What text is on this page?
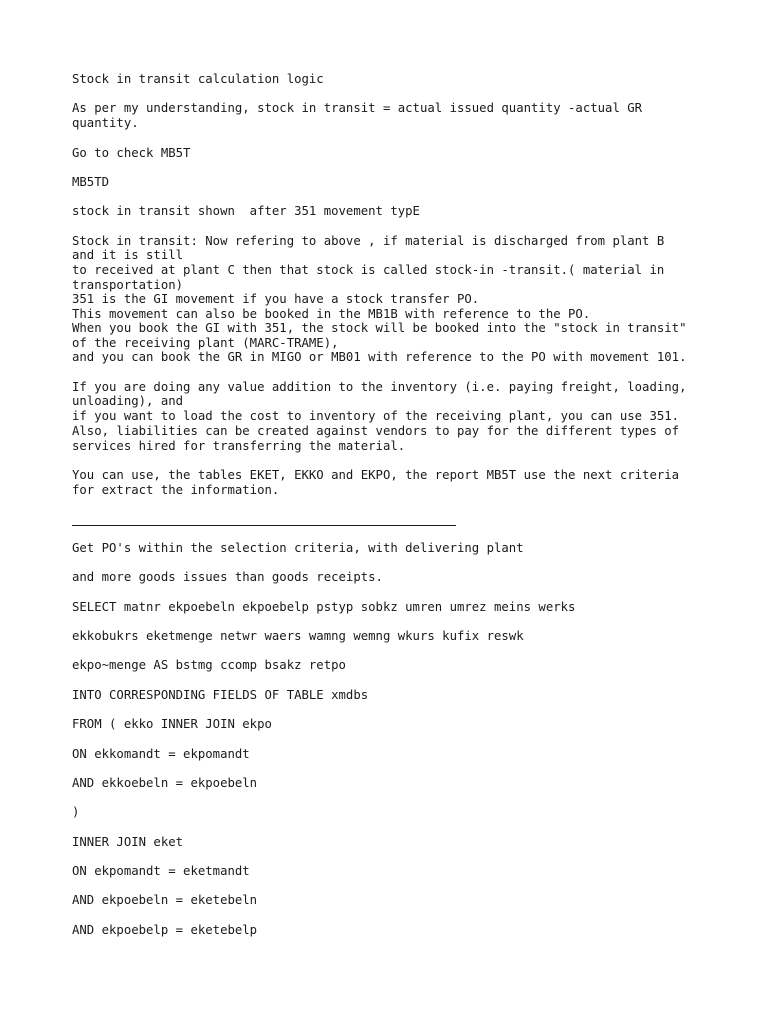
Stock in transit calculation logic

As per my understanding, stock in transit = actual issued quantity -actual GR

quantity.

Go to check MB5T

MB5TD

stock in transit shown  after 351 movement typE

Stock in transit: Now refering to above , if material is discharged from plant B

and it is still

to received at plant C then that stock is called stock-in -transit.( material in

transportation)

351 is the GI movement if you have a stock transfer PO.

This movement can also be booked in the MB1B with reference to the PO.

When you book the GI with 351, the stock will be booked into the "stock in transit"

of the receiving plant (MARC-TRAME),

and you can book the GR in MIGO or MB01 with reference to the PO with movement 101.

If you are doing any value addition to the inventory (i.e. paying freight, loading,

unloading), and

if you want to load the cost to inventory of the receiving plant, you can use 351.

Also, liabilities can be created against vendors to pay for the different types of

services hired for transferring the material.

You can use, the tables EKET, EKKO and EKPO, the report MB5T use the next criteria

for extract the information.

Get PO's within the selection criteria, with delivering plant

and more goods issues than goods receipts.

SELECT matnr ekpoebeln ekpoebelp pstyp sobkz umren umrez meins werks

ekkobukrs eketmenge netwr waers wamng wemng wkurs kufix reswk

ekpo~menge AS bstmg ccomp bsakz retpo

INTO CORRESPONDING FIELDS OF TABLE xmdbs

FROM ( ekko INNER JOIN ekpo

ON ekkomandt = ekpomandt

AND ekkoebeln = ekpoebeln

)

INNER JOIN eket

ON ekpomandt = eketmandt

AND ekpoebeln = eketebeln

AND ekpoebelp = eketebelp
